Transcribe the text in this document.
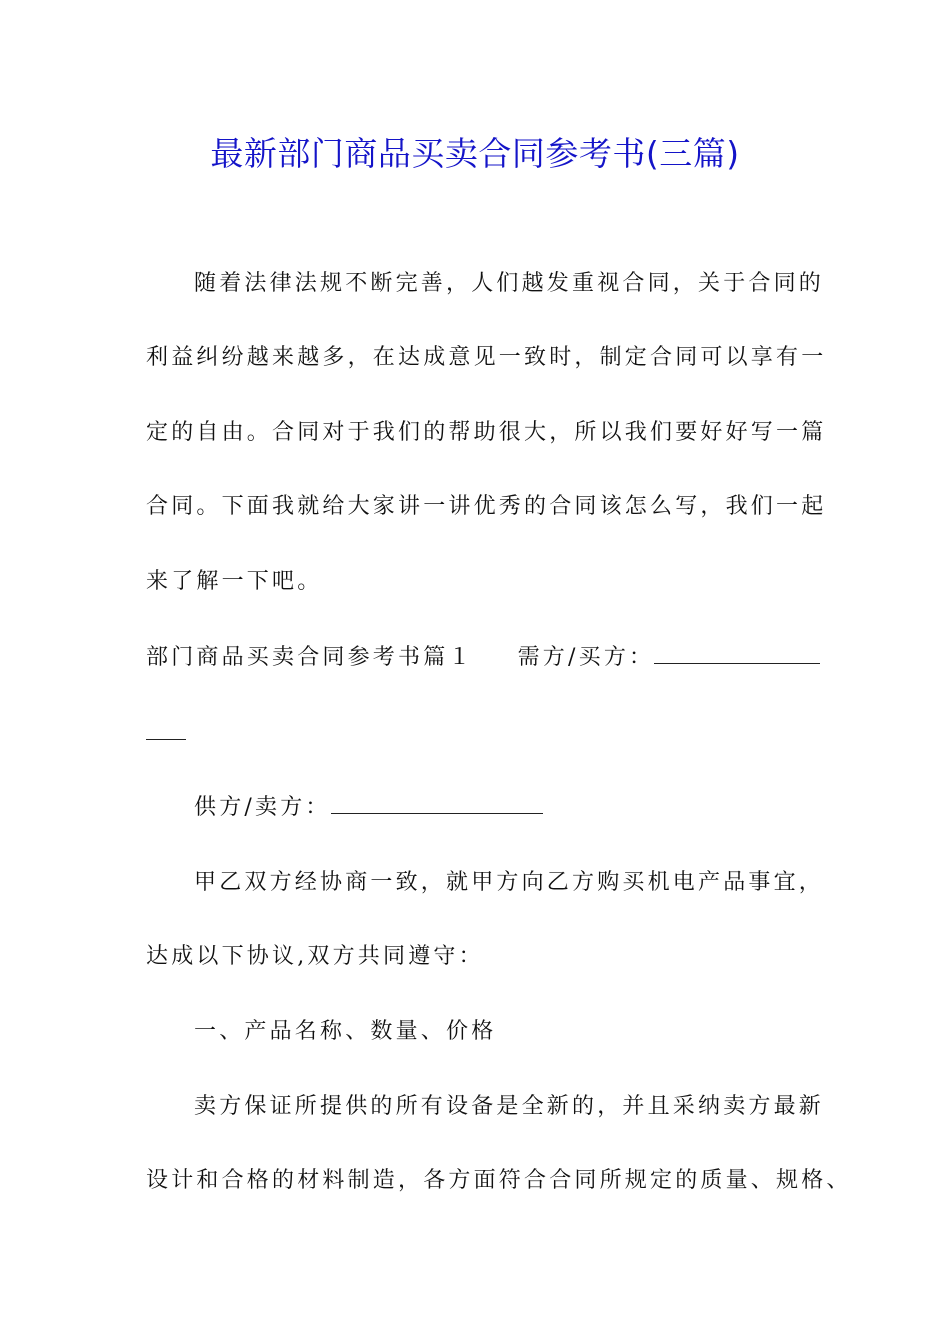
最新部门商品买卖合同参考书(三篇)
随着法律法规不断完善，人们越发重视合同，关于合同的
利益纠纷越来越多，在达成意见一致时，制定合同可以享有一
定的自由。合同对于我们的帮助很大，所以我们要好好写一篇
合同。下面我就给大家讲一讲优秀的合同该怎么写，我们一起
来了解一下吧。
部门商品买卖合同参考书篇１ 需方/买方：
供方/卖方：
甲乙双方经协商一致，就甲方向乙方购买机电产品事宜，
达成以下协议,双方共同遵守：
一、产品名称、数量、价格
卖方保证所提供的所有设备是全新的，并且采纳卖方最新
设计和合格的材料制造，各方面符合合同所规定的质量、规格、
